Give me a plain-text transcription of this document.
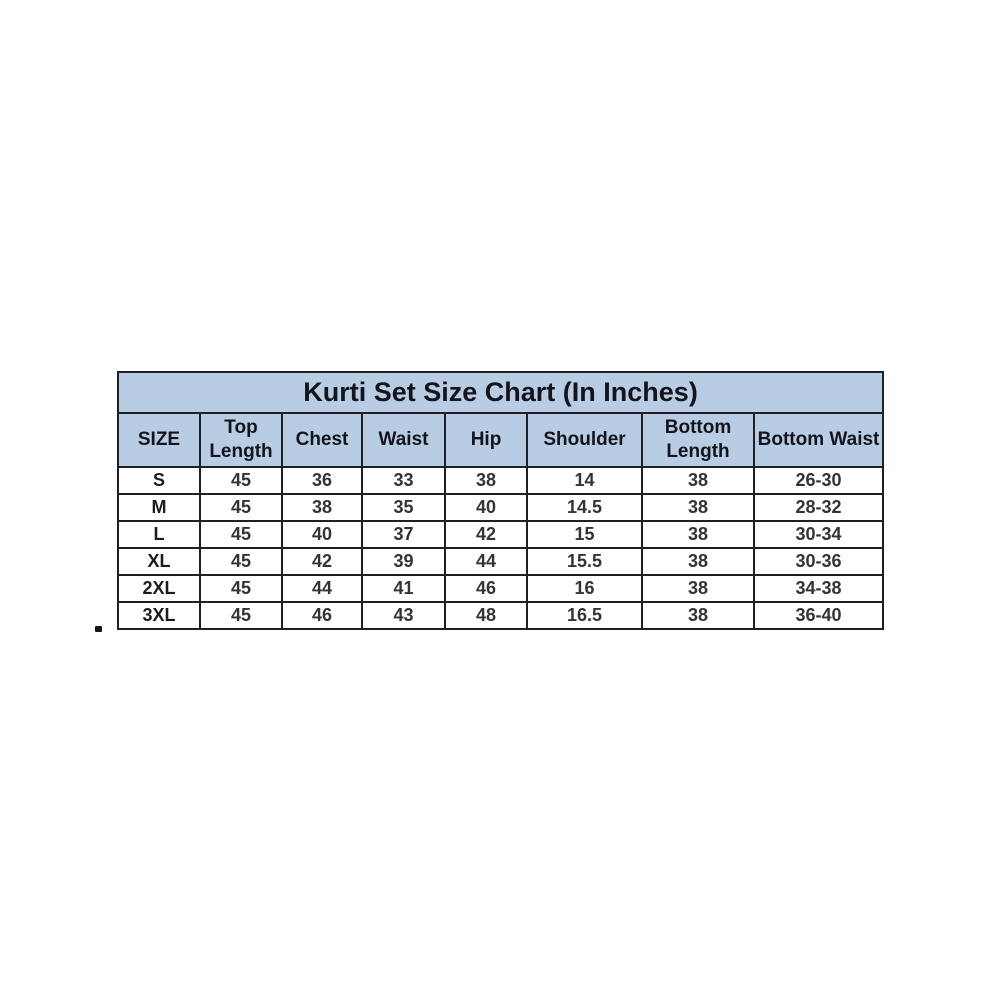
Kurti Set Size Chart (In Inches)							
SIZE	Top Length	Chest	Waist	Hip	Shoulder	Bottom Length	Bottom Waist
S	45	36	33	38	14	38	26-30
M	45	38	35	40	14.5	38	28-32
L	45	40	37	42	15	38	30-34
XL	45	42	39	44	15.5	38	30-36
2XL	45	44	41	46	16	38	34-38
3XL	45	46	43	48	16.5	38	36-40
